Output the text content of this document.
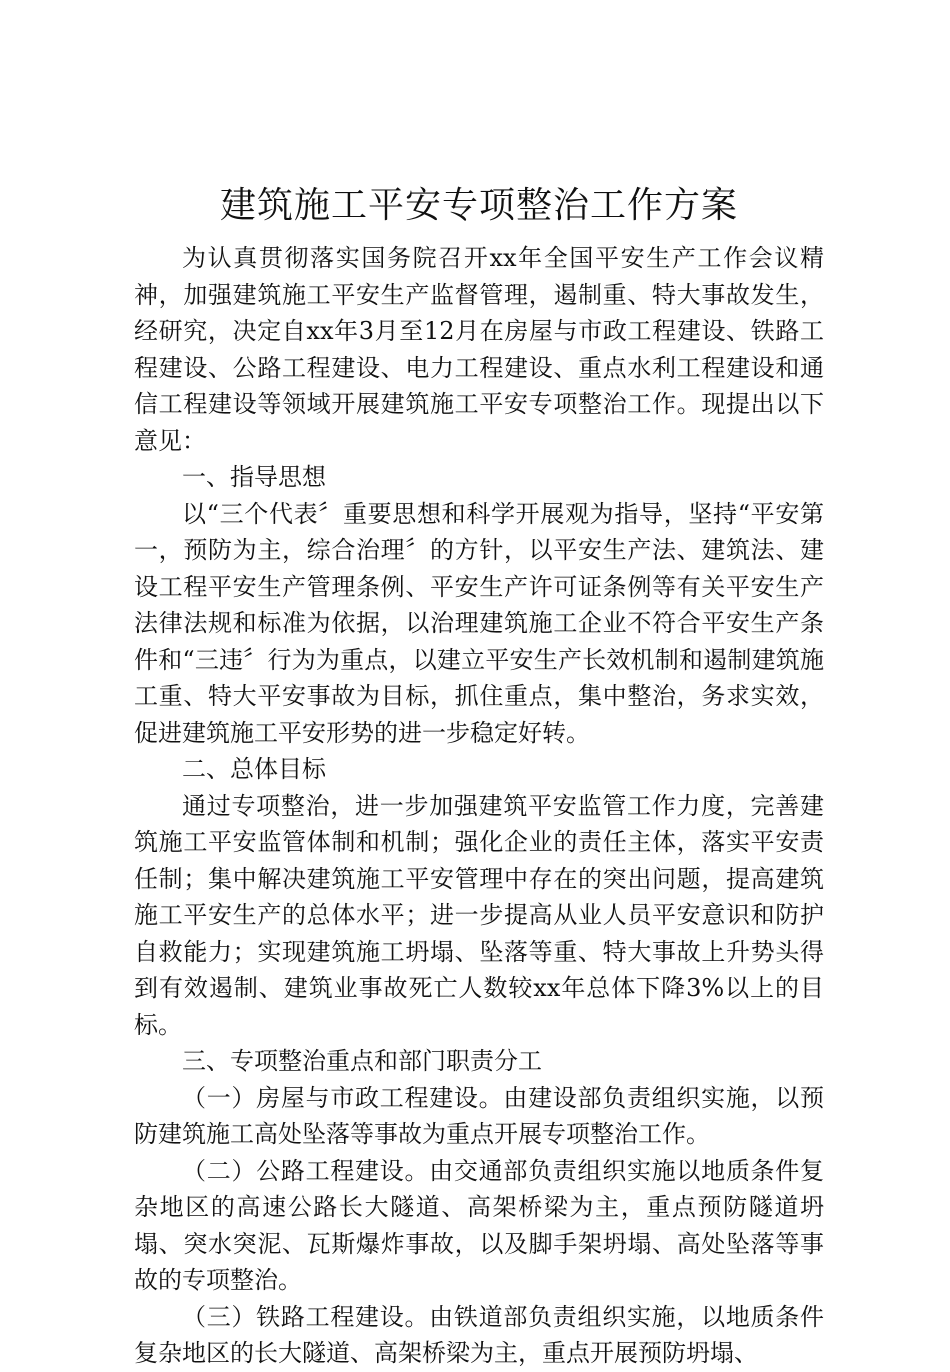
建筑施工平安专项整治工作方案

为认真贯彻落实国务院召开xx年全国平安生产工作会议精神，加强建筑施工平安生产监督管理，遏制重、特大事故发生，经研究，决定自xx年3月至12月在房屋与市政工程建设、铁路工程建设、公路工程建设、电力工程建设、重点水利工程建设和通信工程建设等领域开展建筑施工平安专项整治工作。现提出以下意见：

一、指导思想

以“三个代表〞重要思想和科学开展观为指导，坚持“平安第一，预防为主，综合治理〞的方针，以平安生产法、建筑法、建设工程平安生产管理条例、平安生产许可证条例等有关平安生产法律法规和标准为依据，以治理建筑施工企业不符合平安生产条件和“三违〞行为为重点，以建立平安生产长效机制和遏制建筑施工重、特大平安事故为目标，抓住重点，集中整治，务求实效，促进建筑施工平安形势的进一步稳定好转。

二、总体目标

通过专项整治，进一步加强建筑平安监管工作力度，完善建筑施工平安监管体制和机制；强化企业的责任主体，落实平安责任制；集中解决建筑施工平安管理中存在的突出问题，提高建筑施工平安生产的总体水平；进一步提高从业人员平安意识和防护自救能力；实现建筑施工坍塌、坠落等重、特大事故上升势头得到有效遏制、建筑业事故死亡人数较xx年总体下降3%以上的目标。

三、专项整治重点和部门职责分工

（一）房屋与市政工程建设。由建设部负责组织实施，以预防建筑施工高处坠落等事故为重点开展专项整治工作。

（二）公路工程建设。由交通部负责组织实施以地质条件复杂地区的高速公路长大隧道、高架桥梁为主，重点预防隧道坍塌、突水突泥、瓦斯爆炸事故，以及脚手架坍塌、高处坠落等事故的专项整治。

（三）铁路工程建设。由铁道部负责组织实施，以地质条件复杂地区的长大隧道、高架桥梁为主，重点开展预防坍塌、
